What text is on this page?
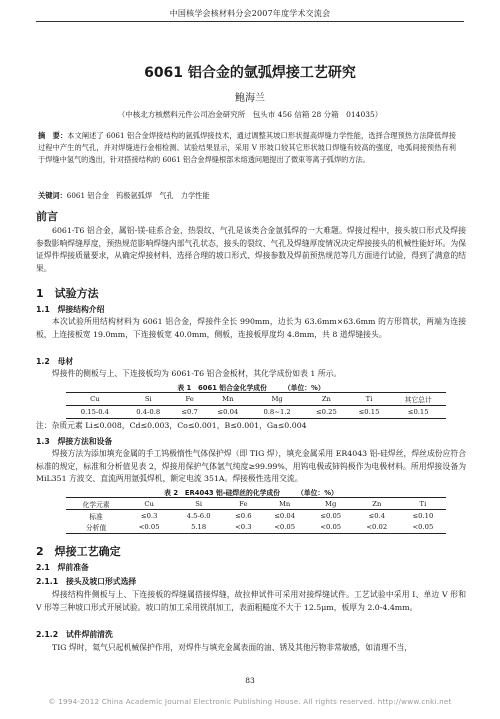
中国核学会核材料分会2007年度学术交流会
6061 铝合金的氩弧焊接工艺研究
鲍海兰
（中核北方核燃料元件公司冶金研究所　包头市 456 信箱 28 分箱　014035）
摘　要：本文阐述了 6061 铝合金焊接结构的氩弧焊接技术，通过调整其坡口形状提高焊缝力学性能，选择合理预热方法降低焊接过程中产生的气孔，并对焊缝进行金相检测、试验结果显示，采用 V 形坡口较其它形状坡口焊缝有较高的强度，电弧间接预热有利于焊缝中氢气的逸出，针对搭接结构的 6061 铝合金焊缝根部未熔透问题提出了微束等离子弧焊的方法。
关键词：6061 铝合金　钨极氩弧焊　气孔　力学性能
前言
6061-T6 铝合金，属铝-镁-硅系合金，热裂纹、气孔是该类合金氩弧焊的一大难题。焊接过程中，接头坡口形式及焊接参数影响焊缝厚度，预热规范影响焊缝内部气孔状态，接头的裂纹、气孔及焊缝厚度情况决定焊接接头的机械性能好坏。为保证焊件焊接质量要求，从确定焊接材料、选择合理的坡口形式、焊接参数及焊前预热规范等几方面进行试验，得到了满意的结果。
1　试验方法
1.1　焊接结构介绍
本次试验所用结构材料为 6061 铝合金，焊接件全长 990mm，边长为 63.6mm×63.6mm 的方形筒状，两端为连接板，上连接板宽 19.0mm，下连接板宽 40.0mm，侧板，连接板厚度均 4.8mm，共 8 道焊缝接头。
1.2　母材
焊接件的侧板与上、下连接板均为 6061-T6 铝合金板材，其化学成份如表 1 所示。
表 1　6061 铝合金化学成份　　　（单位：%）
Cu	Si	Fe	Mn	Mg	Zn	Ti	其它总计
0.15-0.4	0.4-0.8	≤0.7	≤0.04	0.8~1.2	≤0.25	≤0.15	≤0.15
注：杂质元素 Li≤0.008，Cd≤0.003，Co≤0.001，B≤0.001，Ga≤0.004
1.3　焊接方法和设备
焊接方法为添加填充金属的手工钨极惰性气体保护焊（即 TIG 焊），填充金属采用 ER4043 铝-硅焊丝，焊丝成份应符合标准的规定，标准和分析值见表 2，焊接用保护气体氩气纯度≥99.99%，用钨电极或铈钨极作为电极材料。所用焊接设备为 MiL351 方波交、直流两用氩弧焊机，额定电流 351A。焊接极性选用交流。
表 2　ER4043 铝-硅焊丝的化学成份　　　（单位：%）
化学元素	Cu	Si	Fe	Mn	Mg	Zn	Ti
标准	≤0.3	4.5-6.0	≤0.6	≤0.04	≤0.05	≤0.4	≤0.10
分析值	<0.05	5.18	<0.3	<0.05	<0.05	<0.02	<0.05
2　焊接工艺确定
2.1　焊前准备
2.1.1　接头及坡口形式选择
焊接结构件侧板与上、下连接板的焊缝属搭接焊缝，故拉伸试件可采用对接焊缝试件。工艺试验中采用 I、单边 V 形和 V 形等三种坡口形式开展试验。坡口的加工采用铣削加工，表面粗糙度不大于 12.5μm，板厚为 2.0-4.4mm。
2.1.2　试件焊前清洗
TIG 焊时，氦气只起机械保护作用，对焊件与填充金属表面的油、锈及其他污物非常敏感，如清理不当，
83
© 1994-2012 China Academic Journal Electronic Publishing House. All rights reserved. http://www.cnki.net
